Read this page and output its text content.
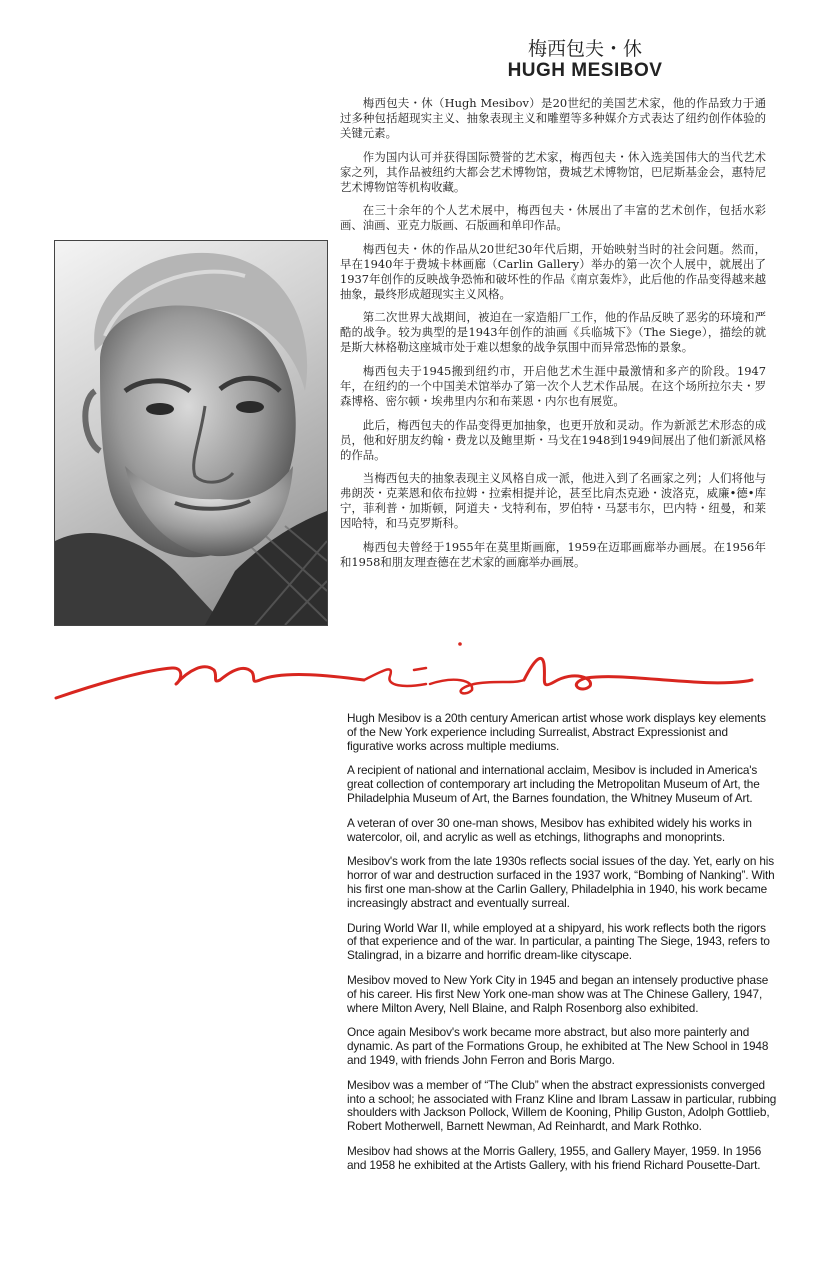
梅西包夫・休
HUGH MESIBOV

梅西包夫・休（Hugh Mesibov）是20世纪的美国艺术家，他的作品致力于通过多种包括超现实主义、抽象表现主义和雕塑等多种媒介方式表达了纽约创作体验的关键元素。

作为国内认可并获得国际赞誉的艺术家，梅西包夫・休入选美国伟大的当代艺术家之列，其作品被纽约大都会艺术博物馆，费城艺术博物馆，巴尼斯基金会，惠特尼艺术博物馆等机构收藏。

在三十余年的个人艺术展中，梅西包夫・休展出了丰富的艺术创作，包括水彩画、油画、亚克力版画、石版画和单印作品。

梅西包夫・休的作品从20世纪30年代后期，开始映射当时的社会问题。然而，早在1940年于费城卡林画廊（Carlin Gallery）举办的第一次个人展中，就展出了1937年创作的反映战争恐怖和破坏性的作品《南京轰炸》，此后他的作品变得越来越抽象，最终形成超现实主义风格。

第二次世界大战期间，被迫在一家造船厂工作，他的作品反映了恶劣的环境和严酷的战争。较为典型的是1943年创作的油画《兵临城下》（The Siege），描绘的就是斯大林格勒这座城市处于难以想象的战争氛围中而异常恐怖的景象。

梅西包夫于1945搬到纽约市，开启他艺术生涯中最激情和多产的阶段。1947年，在纽约的一个中国美术馆举办了第一次个人艺术作品展。在这个场所拉尔夫・罗森博格、密尔顿・埃弗里内尔和布莱恩・内尔也有展览。

此后，梅西包夫的作品变得更加抽象，也更开放和灵动。作为新派艺术形态的成员，他和好朋友约翰・费龙以及鲍里斯・马戈在1948到1949间展出了他们新派风格的作品。

当梅西包夫的抽象表现主义风格自成一派，他进入到了名画家之列；人们将他与弗朗茨・克莱恩和依布拉姆・拉索相提并论，甚至比肩杰克逊・波洛克，威廉•德•库宁，菲利普・加斯顿，阿道夫・戈特利布，罗伯特・马瑟韦尔，巴内特・纽曼，和莱因哈特，和马克罗斯科。

梅西包夫曾经于1955年在莫里斯画廊，1959在迈耶画廊举办画展。在1956年和1958和朋友理查德在艺术家的画廊举办画展。

Hugh Mesibov is a 20th century American artist whose work displays key elements of the New York experience including Surrealist, Abstract Expressionist and figurative works across multiple mediums.

A recipient of national and international acclaim, Mesibov is included in America's great collection of contemporary art including the Metropolitan Museum of Art, the Philadelphia Museum of Art, the Barnes foundation, the Whitney Museum of Art.

A veteran of over 30 one-man shows, Mesibov has exhibited widely his works in watercolor, oil, and acrylic as well as etchings, lithographs and monoprints.

Mesibov's work from the late 1930s reflects social issues of the day. Yet, early on his horror of war and destruction surfaced in the 1937 work, “Bombing of Nanking”. With his first one man-show at the Carlin Gallery, Philadelphia in 1940, his work became increasingly abstract and eventually surreal.

During World War II, while employed at a shipyard, his work reflects both the rigors of that experience and of the war. In particular, a painting The Siege, 1943, refers to Stalingrad, in a bizarre and horrific dream-like cityscape.

Mesibov moved to New York City in 1945 and began an intensely productive phase of his career. His first New York one-man show was at The Chinese Gallery, 1947, where Milton Avery, Nell Blaine, and Ralph Rosenborg also exhibited.

Once again Mesibov's work became more abstract, but also more painterly and dynamic. As part of the Formations Group, he exhibited at The New School in 1948 and 1949, with friends John Ferron and Boris Margo.

Mesibov was a member of “The Club” when the abstract expressionists converged into a school; he associated with Franz Kline and Ibram Lassaw in particular, rubbing shoulders with Jackson Pollock, Willem de Kooning, Philip Guston, Adolph Gottlieb, Robert Motherwell, Barnett Newman, Ad Reinhardt, and Mark Rothko.

Mesibov had shows at the Morris Gallery, 1955, and Gallery Mayer, 1959. In 1956 and 1958 he exhibited at the Artists Gallery, with his friend Richard Pousette-Dart.
